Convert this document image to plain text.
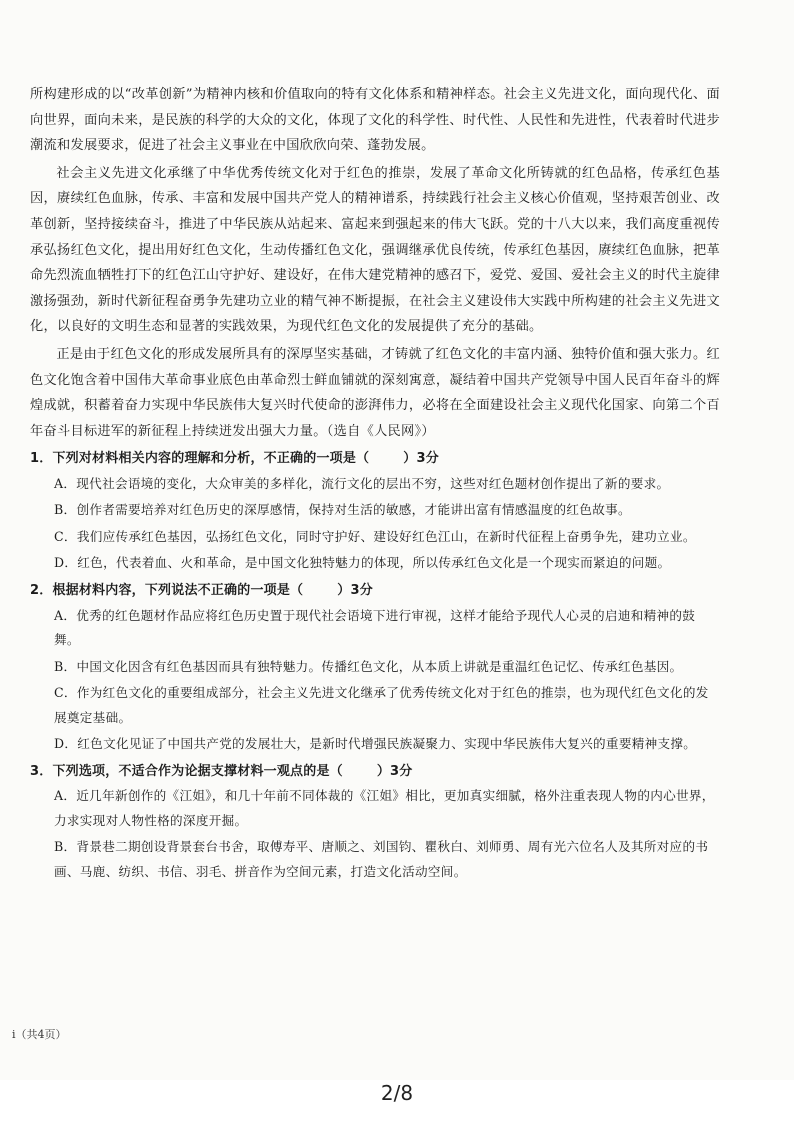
所构建形成的以“改革创新”为精神内核和价值取向的特有文化体系和精神样态。社会主义先进文化，面向现代化、面向世界，面向未来，是民族的科学的大众的文化，体现了文化的科学性、时代性、人民性和先进性，代表着时代进步潮流和发展要求，促进了社会主义事业在中国欣欣向荣、蓬勃发展。

社会主义先进文化承继了中华优秀传统文化对于红色的推崇，发展了革命文化所铸就的红色品格，传承红色基因，赓续红色血脉，传承、丰富和发展中国共产党人的精神谱系，持续践行社会主义核心价值观，坚持艰苦创业、改革创新，坚持接续奋斗，推进了中华民族从站起来、富起来到强起来的伟大飞跃。党的十八大以来，我们高度重视传承弘扬红色文化，提出用好红色文化，生动传播红色文化，强调继承优良传统，传承红色基因，赓续红色血脉，把革命先烈流血牺牲打下的红色江山守护好、建设好，在伟大建党精神的感召下，爱党、爱国、爱社会主义的时代主旋律激扬强劲，新时代新征程奋勇争先建功立业的精气神不断提振，在社会主义建设伟大实践中所构建的社会主义先进文化，以良好的文明生态和显著的实践效果，为现代红色文化的发展提供了充分的基础。

正是由于红色文化的形成发展所具有的深厚坚实基础，才铸就了红色文化的丰富内涵、独特价值和强大张力。红色文化饱含着中国伟大革命事业底色由革命烈士鲜血铺就的深刻寓意，凝结着中国共产党领导中国人民百年奋斗的辉煌成就，积蓄着奋力实现中华民族伟大复兴时代使命的澎湃伟力，必将在全面建设社会主义现代化国家、向第二个百年奋斗目标进军的新征程上持续迸发出强大力量。（选自《人民网》）

1．下列对材料相关内容的理解和分析，不正确的一项是（	）3分

A．现代社会语境的变化，大众审美的多样化，流行文化的层出不穷，这些对红色题材创作提出了新的要求。

B．创作者需要培养对红色历史的深厚感情，保持对生活的敏感，才能讲出富有情感温度的红色故事。

C．我们应传承红色基因，弘扬红色文化，同时守护好、建设好红色江山，在新时代征程上奋勇争先，建功立业。

D．红色，代表着血、火和革命，是中国文化独特魅力的体现，所以传承红色文化是一个现实而紧迫的问题。

2．根据材料内容，下列说法不正确的一项是（	）3分

A．优秀的红色题材作品应将红色历史置于现代社会语境下进行审视，这样才能给予现代人心灵的启迪和精神的鼓舞。

B．中国文化因含有红色基因而具有独特魅力。传播红色文化，从本质上讲就是重温红色记忆、传承红色基因。

C．作为红色文化的重要组成部分，社会主义先进文化继承了优秀传统文化对于红色的推崇，也为现代红色文化的发展奠定基础。

D．红色文化见证了中国共产党的发展壮大，是新时代增强民族凝聚力、实现中华民族伟大复兴的重要精神支撑。

3．下列选项，不适合作为论据支撑材料一观点的是（	）3分

A．近几年新创作的《江姐》，和几十年前不同体裁的《江姐》相比，更加真实细腻，格外注重表现人物的内心世界，力求实现对人物性格的深度开掘。

B．背景巷二期创设背景套台书舍，取傅寿平、唐顺之、刘国钧、瞿秋白、刘师勇、周有光六位名人及其所对应的书画、马鹿、纺织、书信、羽毛、拼音作为空间元素，打造文化活动空间。

i（共4页）
2/8
